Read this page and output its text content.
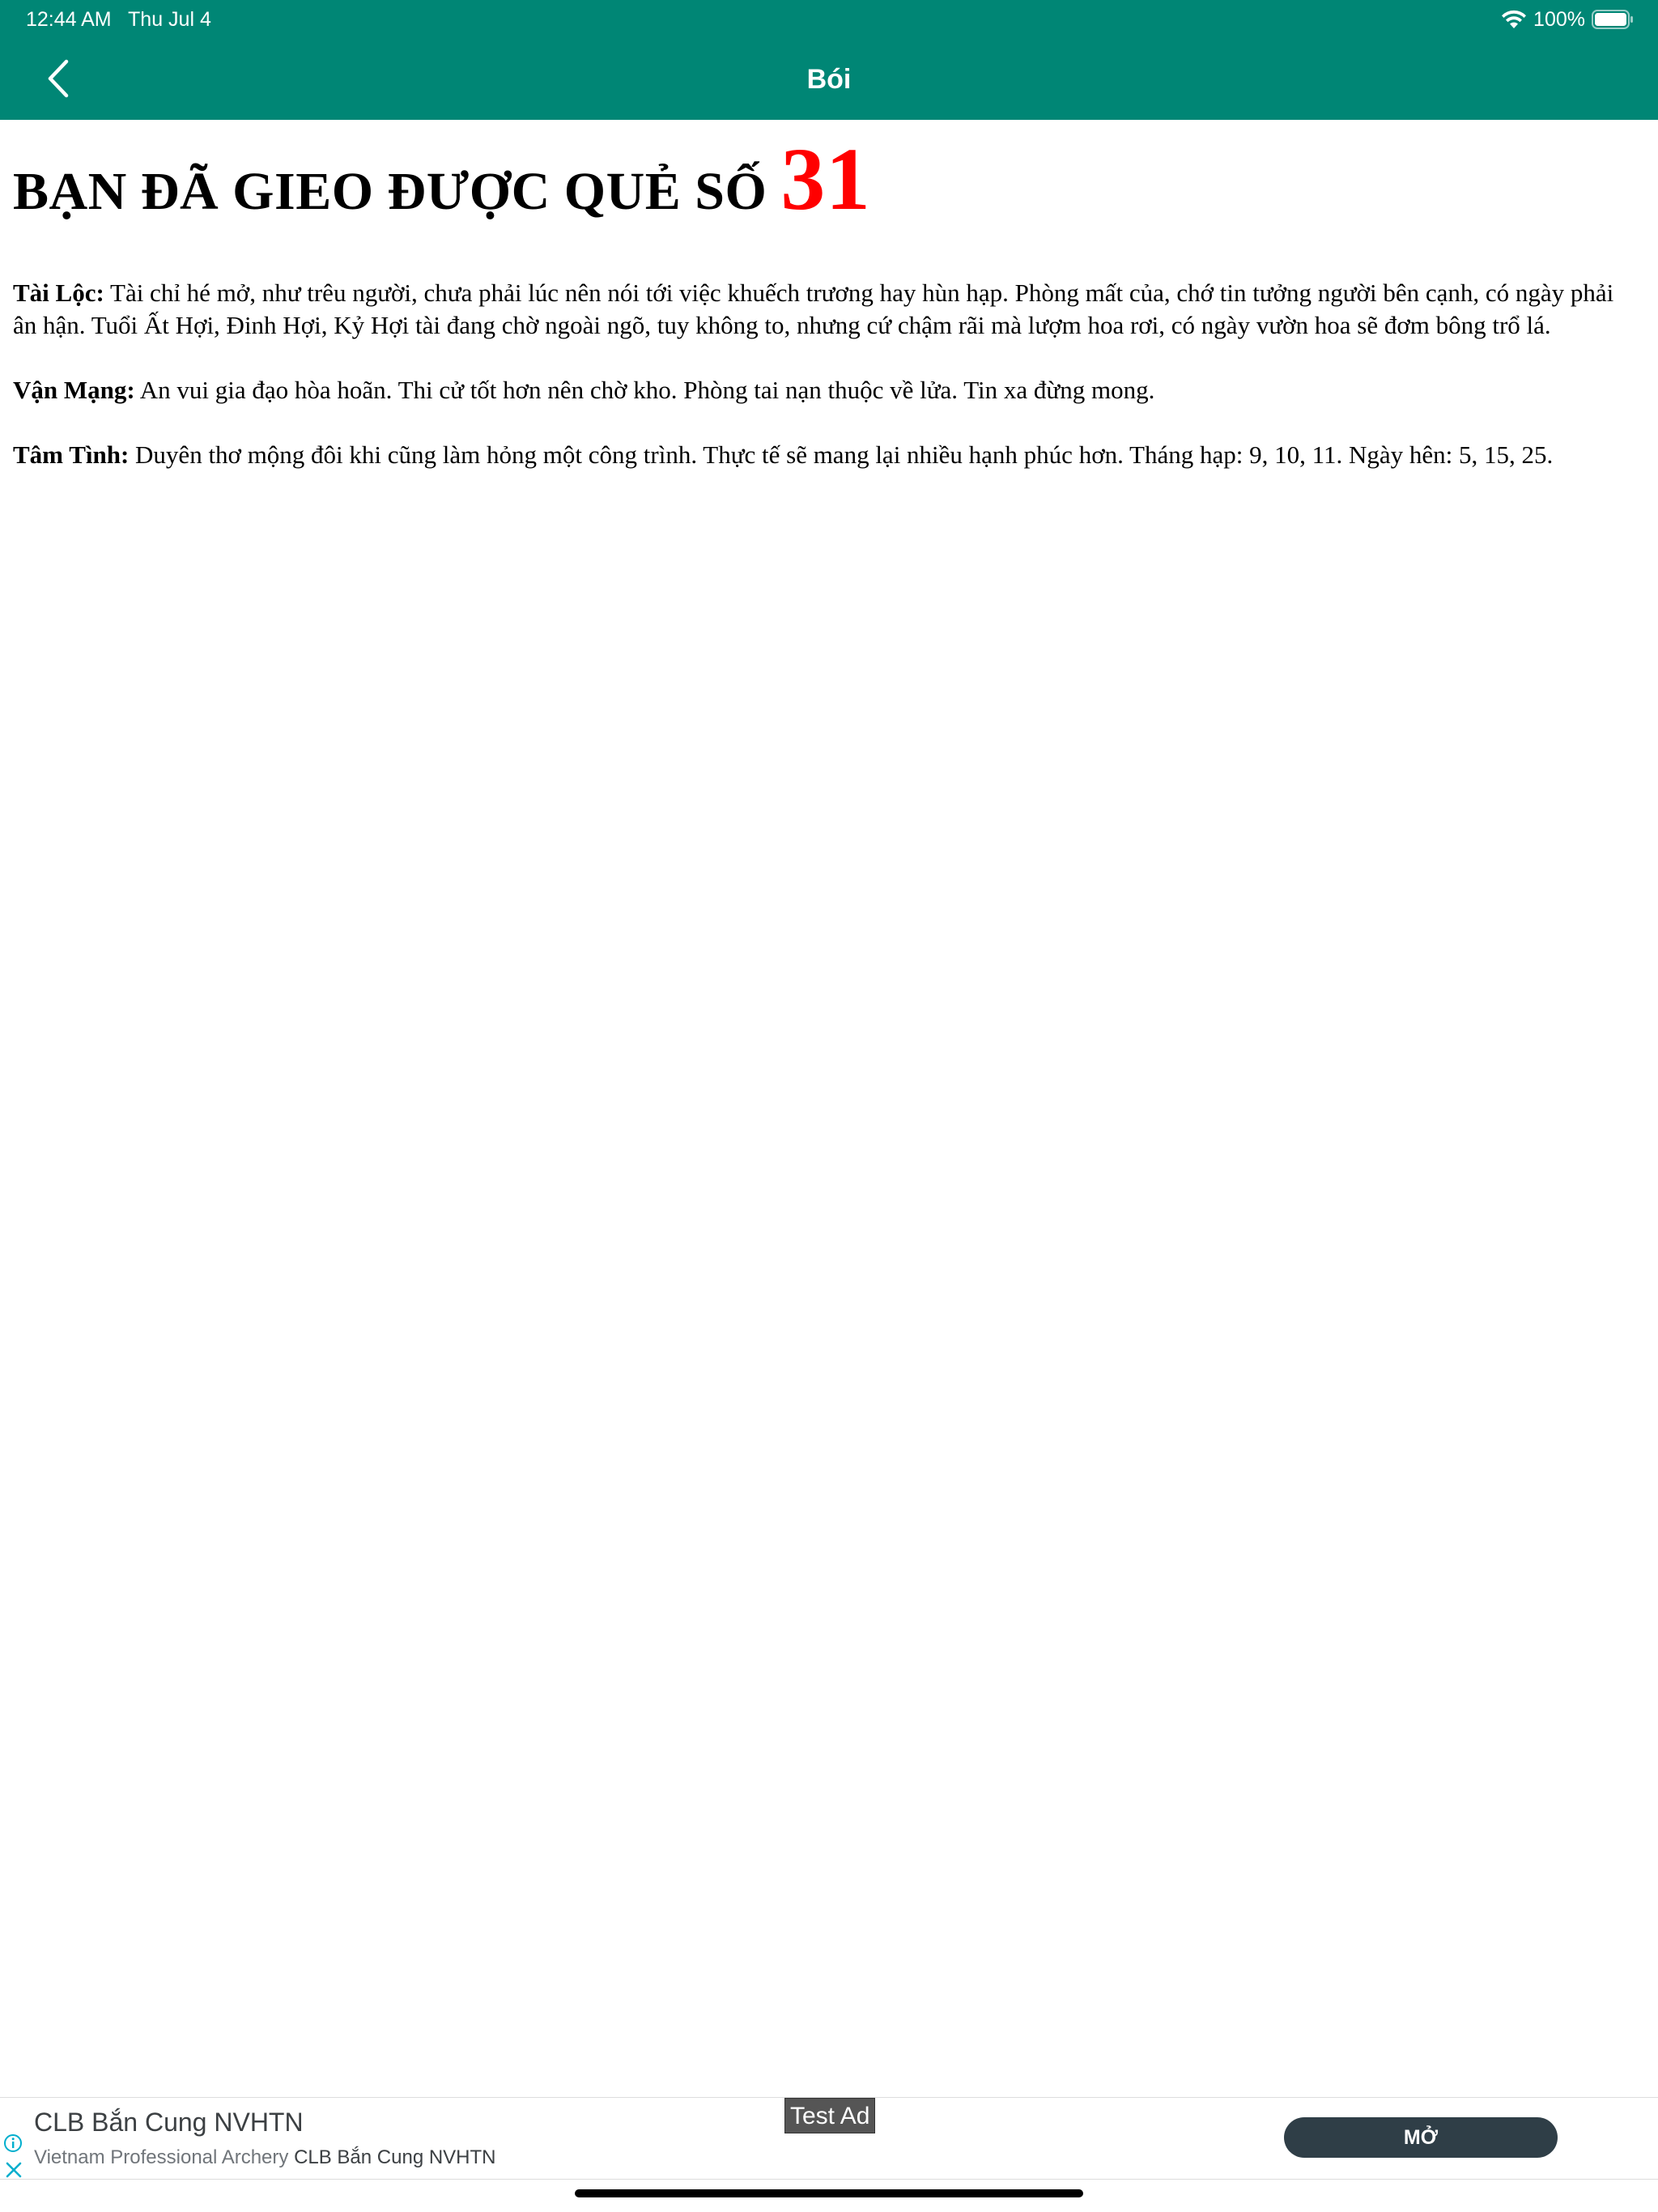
12:44 AM Thu Jul 4	100%
Bói
BẠN ĐÃ GIEO ĐƯỢC QUẺ SỐ 31

Tài Lộc: Tài chỉ hé mở, như trêu người, chưa phải lúc nên nói tới việc khuếch trương hay hùn hạp. Phòng mất của, chớ tin tưởng người bên cạnh, có ngày phải ân hận. Tuổi Ất Hợi, Đinh Hợi, Kỷ Hợi tài đang chờ ngoài ngõ, tuy không to, nhưng cứ chậm rãi mà lượm hoa rơi, có ngày vườn hoa sẽ đơm bông trổ lá.

Vận Mạng: An vui gia đạo hòa hoãn. Thi cử tốt hơn nên chờ kho. Phòng tai nạn thuộc về lửa. Tin xa đừng mong.

Tâm Tình: Duyên thơ mộng đôi khi cũng làm hỏng một công trình. Thực tế sẽ mang lại nhiều hạnh phúc hơn. Tháng hạp: 9, 10, 11. Ngày hên: 5, 15, 25.

CLB Bắn Cung NVHTN
Vietnam Professional Archery CLB Bắn Cung NVHTN
Test Ad
MỞ
